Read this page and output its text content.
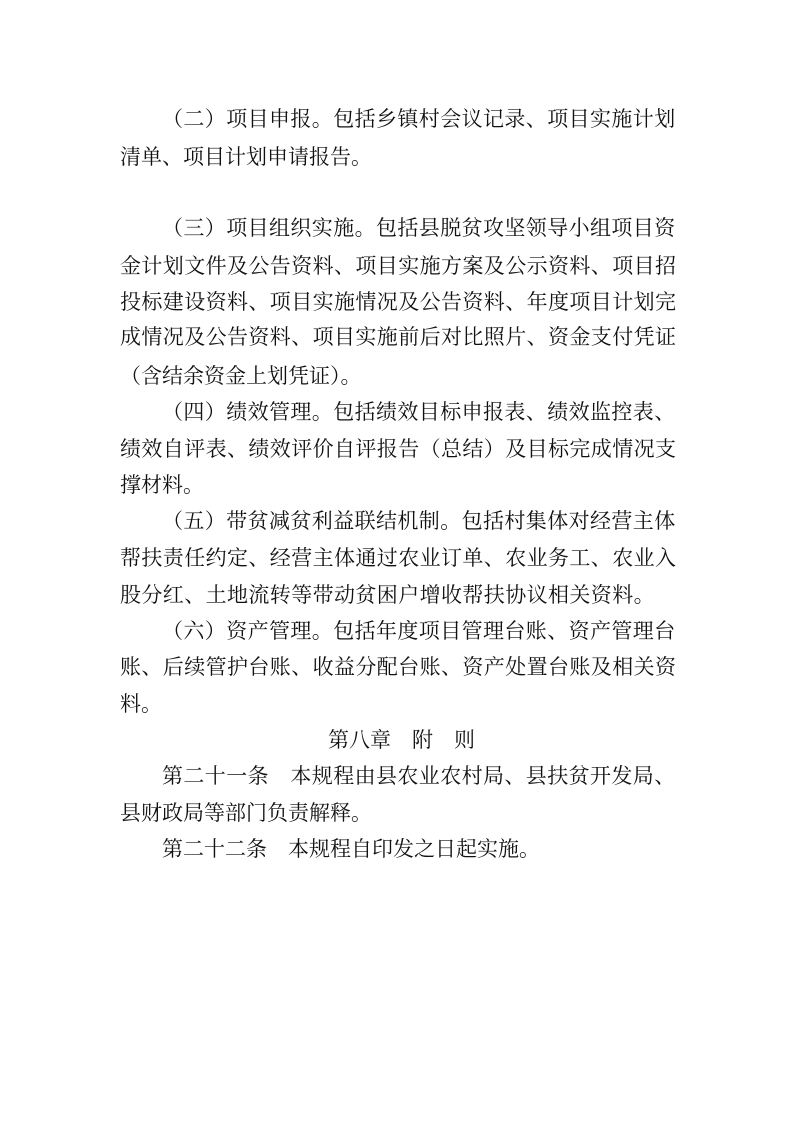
（二）项目申报。包括乡镇村会议记录、项目实施计划
清单、项目计划申请报告。
（三）项目组织实施。包括县脱贫攻坚领导小组项目资
金计划文件及公告资料、项目实施方案及公示资料、项目招
投标建设资料、项目实施情况及公告资料、年度项目计划完
成情况及公告资料、项目实施前后对比照片、资金支付凭证
（含结余资金上划凭证）。
（四）绩效管理。包括绩效目标申报表、绩效监控表、
绩效自评表、绩效评价自评报告（总结）及目标完成情况支
撑材料。
（五）带贫减贫利益联结机制。包括村集体对经营主体
帮扶责任约定、经营主体通过农业订单、农业务工、农业入
股分红、土地流转等带动贫困户增收帮扶协议相关资料。
（六）资产管理。包括年度项目管理台账、资产管理台
账、后续管护台账、收益分配台账、资产处置台账及相关资
料。
第八章　附　则
第二十一条　本规程由县农业农村局、县扶贫开发局、
县财政局等部门负责解释。
第二十二条　本规程自印发之日起实施。
